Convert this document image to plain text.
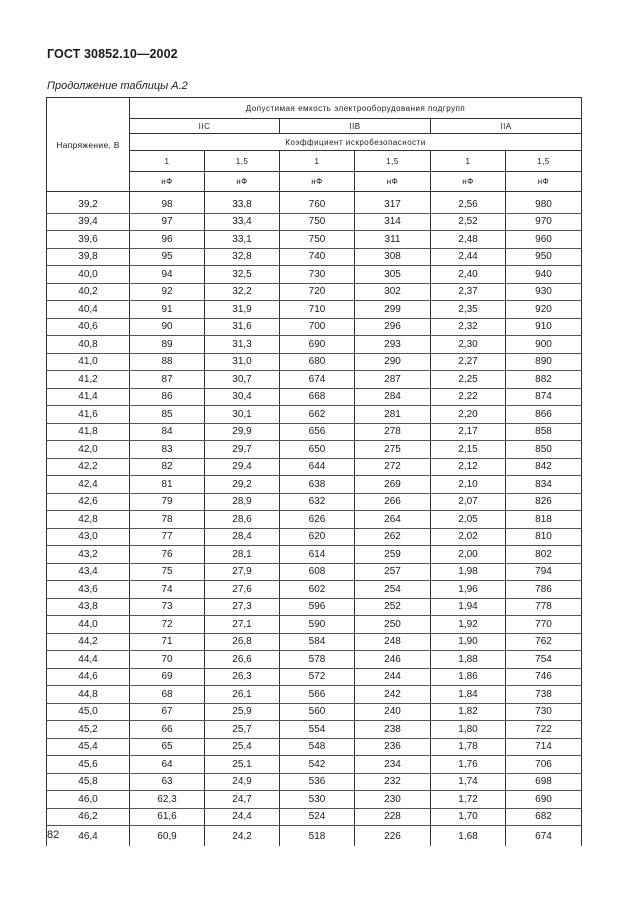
ГОСТ 30852.10—2002
Продолжение таблицы А.2
Напряжение, В	Допустимая емкость электрооборудования подгрупп					
	IIC		IIB		IIA	
	Коэффициент искробезопасности					
	1	1,5	1	1,5	1	1,5
	нФ	нФ	нФ	нФ	нФ	нФ

39,2	98	33,8	760	317	2,56	980
39,4	97	33,4	750	314	2,52	970
39,6	96	33,1	750	311	2,48	960
39,8	95	32,8	740	308	2,44	950
40,0	94	32,5	730	305	2,40	940
40,2	92	32,2	720	302	2,37	930
40,4	91	31,9	710	299	2,35	920
40,6	90	31,6	700	296	2,32	910
40,8	89	31,3	690	293	2,30	900
41,0	88	31,0	680	290	2,27	890
41,2	87	30,7	674	287	2,25	882
41,4	86	30,4	668	284	2,22	874
41,6	85	30,1	662	281	2,20	866
41,8	84	29,9	656	278	2,17	858
42,0	83	29,7	650	275	2,15	850
42,2	82	29,4	644	272	2,12	842
42,4	81	29,2	638	269	2,10	834
42,6	79	28,9	632	266	2,07	826
42,8	78	28,6	626	264	2,05	818
43,0	77	28,4	620	262	2,02	810
43,2	76	28,1	614	259	2,00	802
43,4	75	27,9	608	257	1,98	794
43,6	74	27,6	602	254	1,96	786
43,8	73	27,3	596	252	1,94	778
44,0	72	27,1	590	250	1,92	770
44,2	71	26,8	584	248	1,90	762
44,4	70	26,6	578	246	1,88	754
44,6	69	26,3	572	244	1,86	746
44,8	68	26,1	566	242	1,84	738
45,0	67	25,9	560	240	1,82	730
45,2	66	25,7	554	238	1,80	722
45,4	65	25,4	548	236	1,78	714
45,6	64	25,1	542	234	1,76	706
45,8	63	24,9	536	232	1,74	698
46,0	62,3	24,7	530	230	1,72	690
46,2	61,6	24,4	524	228	1,70	682
46,4	60,9	24,2	518	226	1,68	674
82
